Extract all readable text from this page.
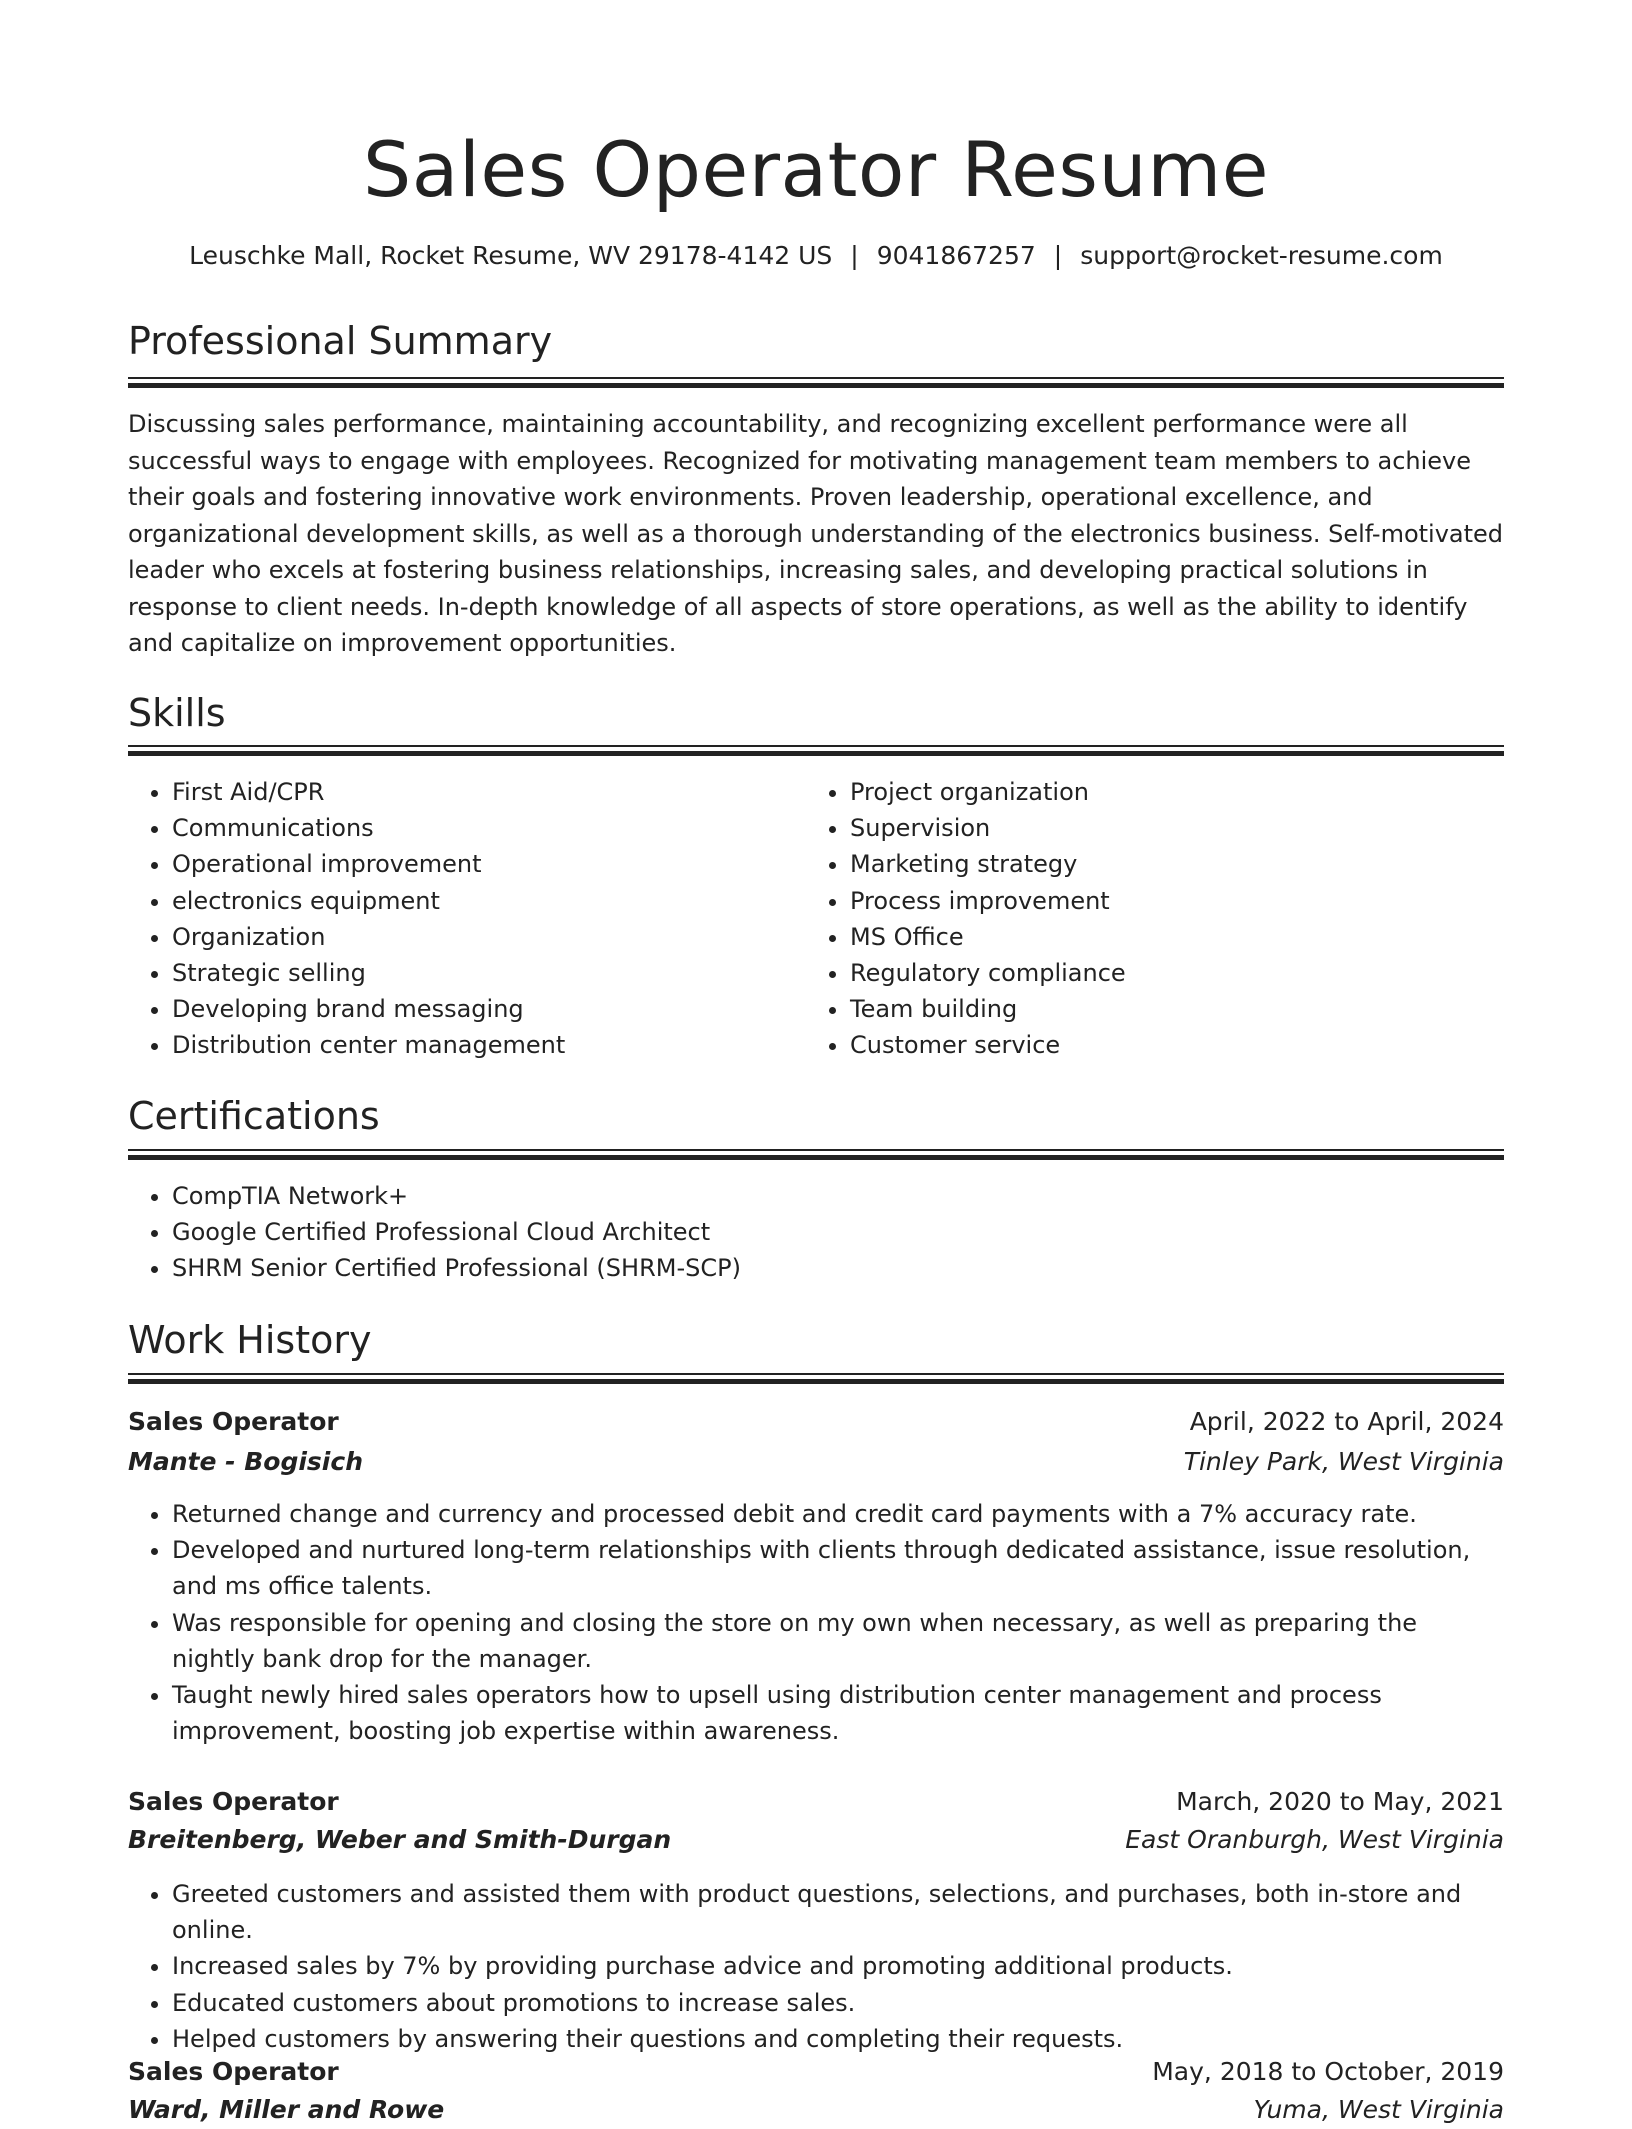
Sales Operator Resume
Leuschke Mall, Rocket Resume, WV 29178-4142 US | 9041867257 | support@rocket-resume.com
Professional Summary

Discussing sales performance, maintaining accountability, and recognizing excellent performance were all successful ways to engage with employees. Recognized for motivating management team members to achieve their goals and fostering innovative work environments. Proven leadership, operational excellence, and organizational development skills, as well as a thorough understanding of the electronics business. Self-motivated leader who excels at fostering business relationships, increasing sales, and developing practical solutions in response to client needs. In-depth knowledge of all aspects of store operations, as well as the ability to identify and capitalize on improvement opportunities.

Skills
• First Aid/CPR
• Communications
• Operational improvement
• electronics equipment
• Organization
• Strategic selling
• Developing brand messaging
• Distribution center management
• Project organization
• Supervision
• Marketing strategy
• Process improvement
• MS Office
• Regulatory compliance
• Team building
• Customer service
Certifications
• CompTIA Network+
• Google Certified Professional Cloud Architect
• SHRM Senior Certified Professional (SHRM-SCP)
Work History
Sales Operator	April, 2022 to April, 2024
Mante - Bogisich	Tinley Park, West Virginia
• Returned change and currency and processed debit and credit card payments with a 7% accuracy rate.
• Developed and nurtured long-term relationships with clients through dedicated assistance, issue resolution, and ms office talents.
• Was responsible for opening and closing the store on my own when necessary, as well as preparing the nightly bank drop for the manager.
• Taught newly hired sales operators how to upsell using distribution center management and process improvement, boosting job expertise within awareness.
Sales Operator	March, 2020 to May, 2021
Breitenberg, Weber and Smith-Durgan	East Oranburgh, West Virginia
• Greeted customers and assisted them with product questions, selections, and purchases, both in-store and online.
• Increased sales by 7% by providing purchase advice and promoting additional products.
• Educated customers about promotions to increase sales.
• Helped customers by answering their questions and completing their requests.
Sales Operator	May, 2018 to October, 2019
Ward, Miller and Rowe	Yuma, West Virginia
